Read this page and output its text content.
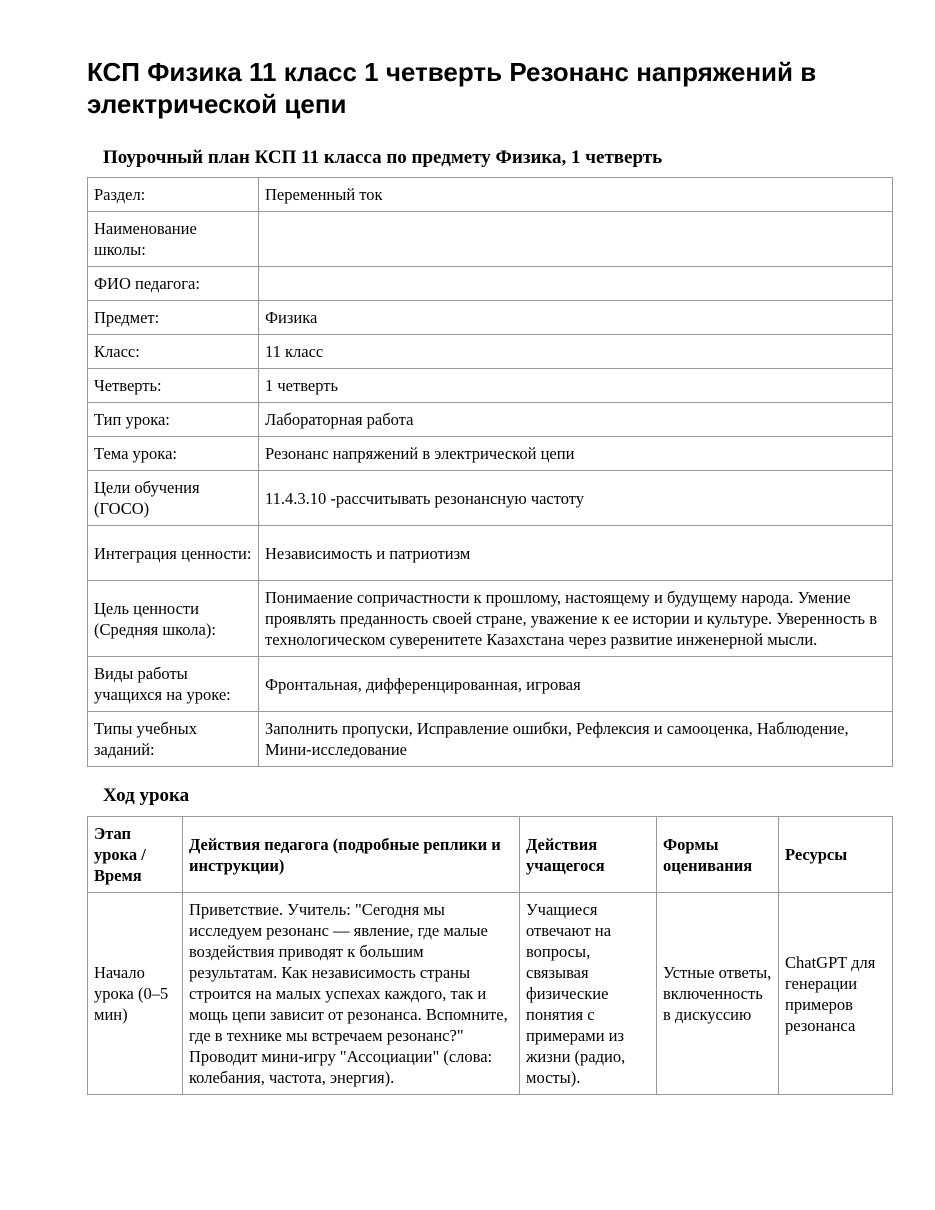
КСП Физика 11 класс 1 четверть Резонанс напряжений в электрической цепи
Поурочный план КСП 11 класса по предмету Физика, 1 четверть
Раздел:	Переменный ток
Наименование школы:	
ФИО педагога:	
Предмет:	Физика
Класс:	11 класс
Четверть:	1 четверть
Тип урока:	Лабораторная работа
Тема урока:	Резонанс напряжений в электрической цепи
Цели обучения (ГОСО)	11.4.3.10 -рассчитывать резонансную частоту
Интеграция ценности:	Независимость и патриотизм
Цель ценности (Средняя школа):	Понимаение сопричастности к прошлому, настоящему и будущему народа. Умение проявлять преданность своей стране, уважение к ее истории и культуре. Уверенность в технологическом суверенитете Казахстана через развитие инженерной мысли.
Виды работы учащихся на уроке:	Фронтальная, дифференцированная, игровая
Типы учебных заданий:	Заполнить пропуски, Исправление ошибки, Рефлексия и самооценка, Наблюдение, Мини-исследование
Ход урока
Этап урока / Время	Действия педагога (подробные реплики и инструкции)	Действия учащегося	Формы оценивания	Ресурсы
Начало урока (0–5 мин)	Приветствие. Учитель: "Сегодня мы исследуем резонанс — явление, где малые воздействия приводят к большим результатам. Как независимость страны строится на малых успехах каждого, так и мощь цепи зависит от резонанса. Вспомните, где в технике мы встречаем резонанс?" Проводит мини-игру "Ассоциации" (слова: колебания, частота, энергия).	Учащиеся отвечают на вопросы, связывая физические понятия с примерами из жизни (радио, мосты).	Устные ответы, включенность в дискуссию	ChatGPT для генерации примеров резонанса
